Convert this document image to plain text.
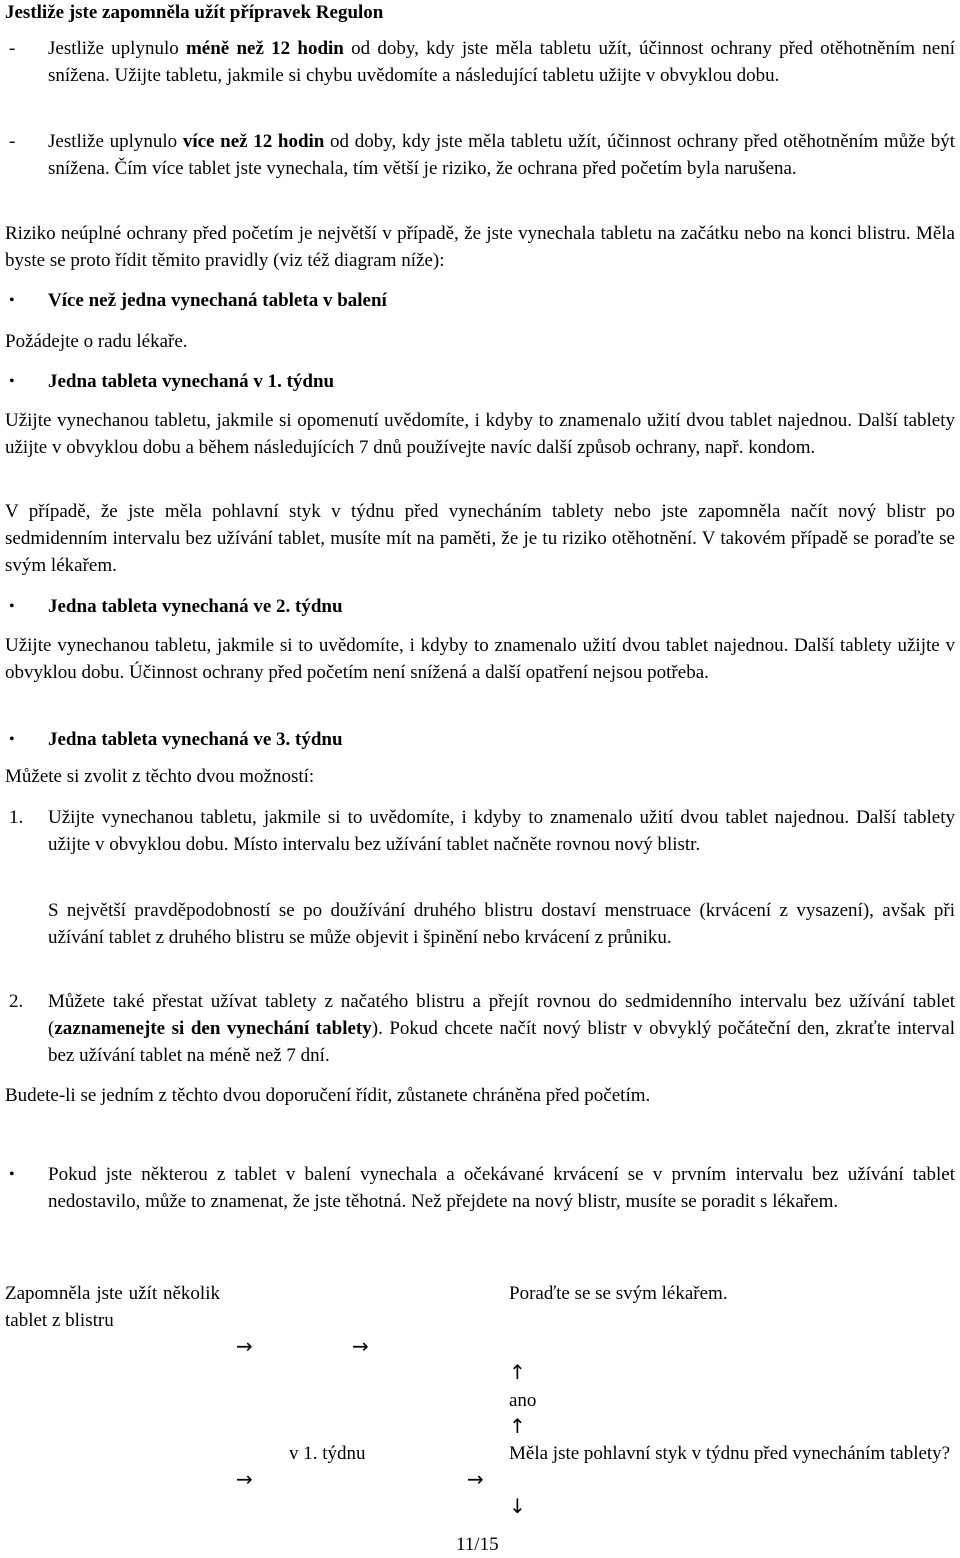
Jestliže jste zapomněla užít přípravek Regulon

- Jestliže uplynulo méně než 12 hodin od doby, kdy jste měla tabletu užít, účinnost ochrany před otěhotněním není snížena. Užijte tabletu, jakmile si chybu uvědomíte a následující tabletu užijte v obvyklou dobu.

- Jestliže uplynulo více než 12 hodin od doby, kdy jste měla tabletu užít, účinnost ochrany před otěhotněním může být snížena. Čím více tablet jste vynechala, tím větší je riziko, že ochrana před početím byla narušena.

Riziko neúplné ochrany před početím je největší v případě, že jste vynechala tabletu na začátku nebo na konci blistru. Měla byste se proto řídit těmito pravidly (viz též diagram níže):

• Více než jedna vynechaná tableta v balení

Požádejte o radu lékaře.

• Jedna tableta vynechaná v 1. týdnu

Užijte vynechanou tabletu, jakmile si opomenutí uvědomíte, i kdyby to znamenalo užití dvou tablet najednou. Další tablety užijte v obvyklou dobu a během následujících 7 dnů používejte navíc další způsob ochrany, např. kondom.

V případě, že jste měla pohlavní styk v týdnu před vynecháním tablety nebo jste zapomněla načít nový blistr po sedmidenním intervalu bez užívání tablet, musíte mít na paměti, že je tu riziko otěhotnění. V takovém případě se poraďte se svým lékařem.

• Jedna tableta vynechaná ve 2. týdnu

Užijte vynechanou tabletu, jakmile si to uvědomíte, i kdyby to znamenalo užití dvou tablet najednou. Další tablety užijte v obvyklou dobu. Účinnost ochrany před početím není snížená a další opatření nejsou potřeba.

• Jedna tableta vynechaná ve 3. týdnu

Můžete si zvolit z těchto dvou možností:

1. Užijte vynechanou tabletu, jakmile si to uvědomíte, i kdyby to znamenalo užití dvou tablet najednou. Další tablety užijte v obvyklou dobu. Místo intervalu bez užívání tablet načněte rovnou nový blistr.

S největší pravděpodobností se po doužívání druhého blistru dostaví menstruace (krvácení z vysazení), avšak při užívání tablet z druhého blistru se může objevit i špinění nebo krvácení z průniku.

2. Můžete také přestat užívat tablety z načatého blistru a přejít rovnou do sedmidenního intervalu bez užívání tablet (zaznamenejte si den vynechání tablety). Pokud chcete načít nový blistr v obvyklý počáteční den, zkraťte interval bez užívání tablet na méně než 7 dní.

Budete-li se jedním z těchto dvou doporučení řídit, zůstanete chráněna před početím.

• Pokud jste některou z tablet v balení vynechala a očekávané krvácení se v prvním intervalu bez užívání tablet nedostavilo, může to znamenat, že jste těhotná. Než přejdete na nový blistr, musíte se poradit s lékařem.

Zapomněla jste užít několik tablet z blistru

Poraďte se se svým lékařem.

→	→
↑

ano

↑

v 1. týdnu	Měla jste pohlavní styk v týdnu před vynecháním tablety?

→	→
↓

11/15
